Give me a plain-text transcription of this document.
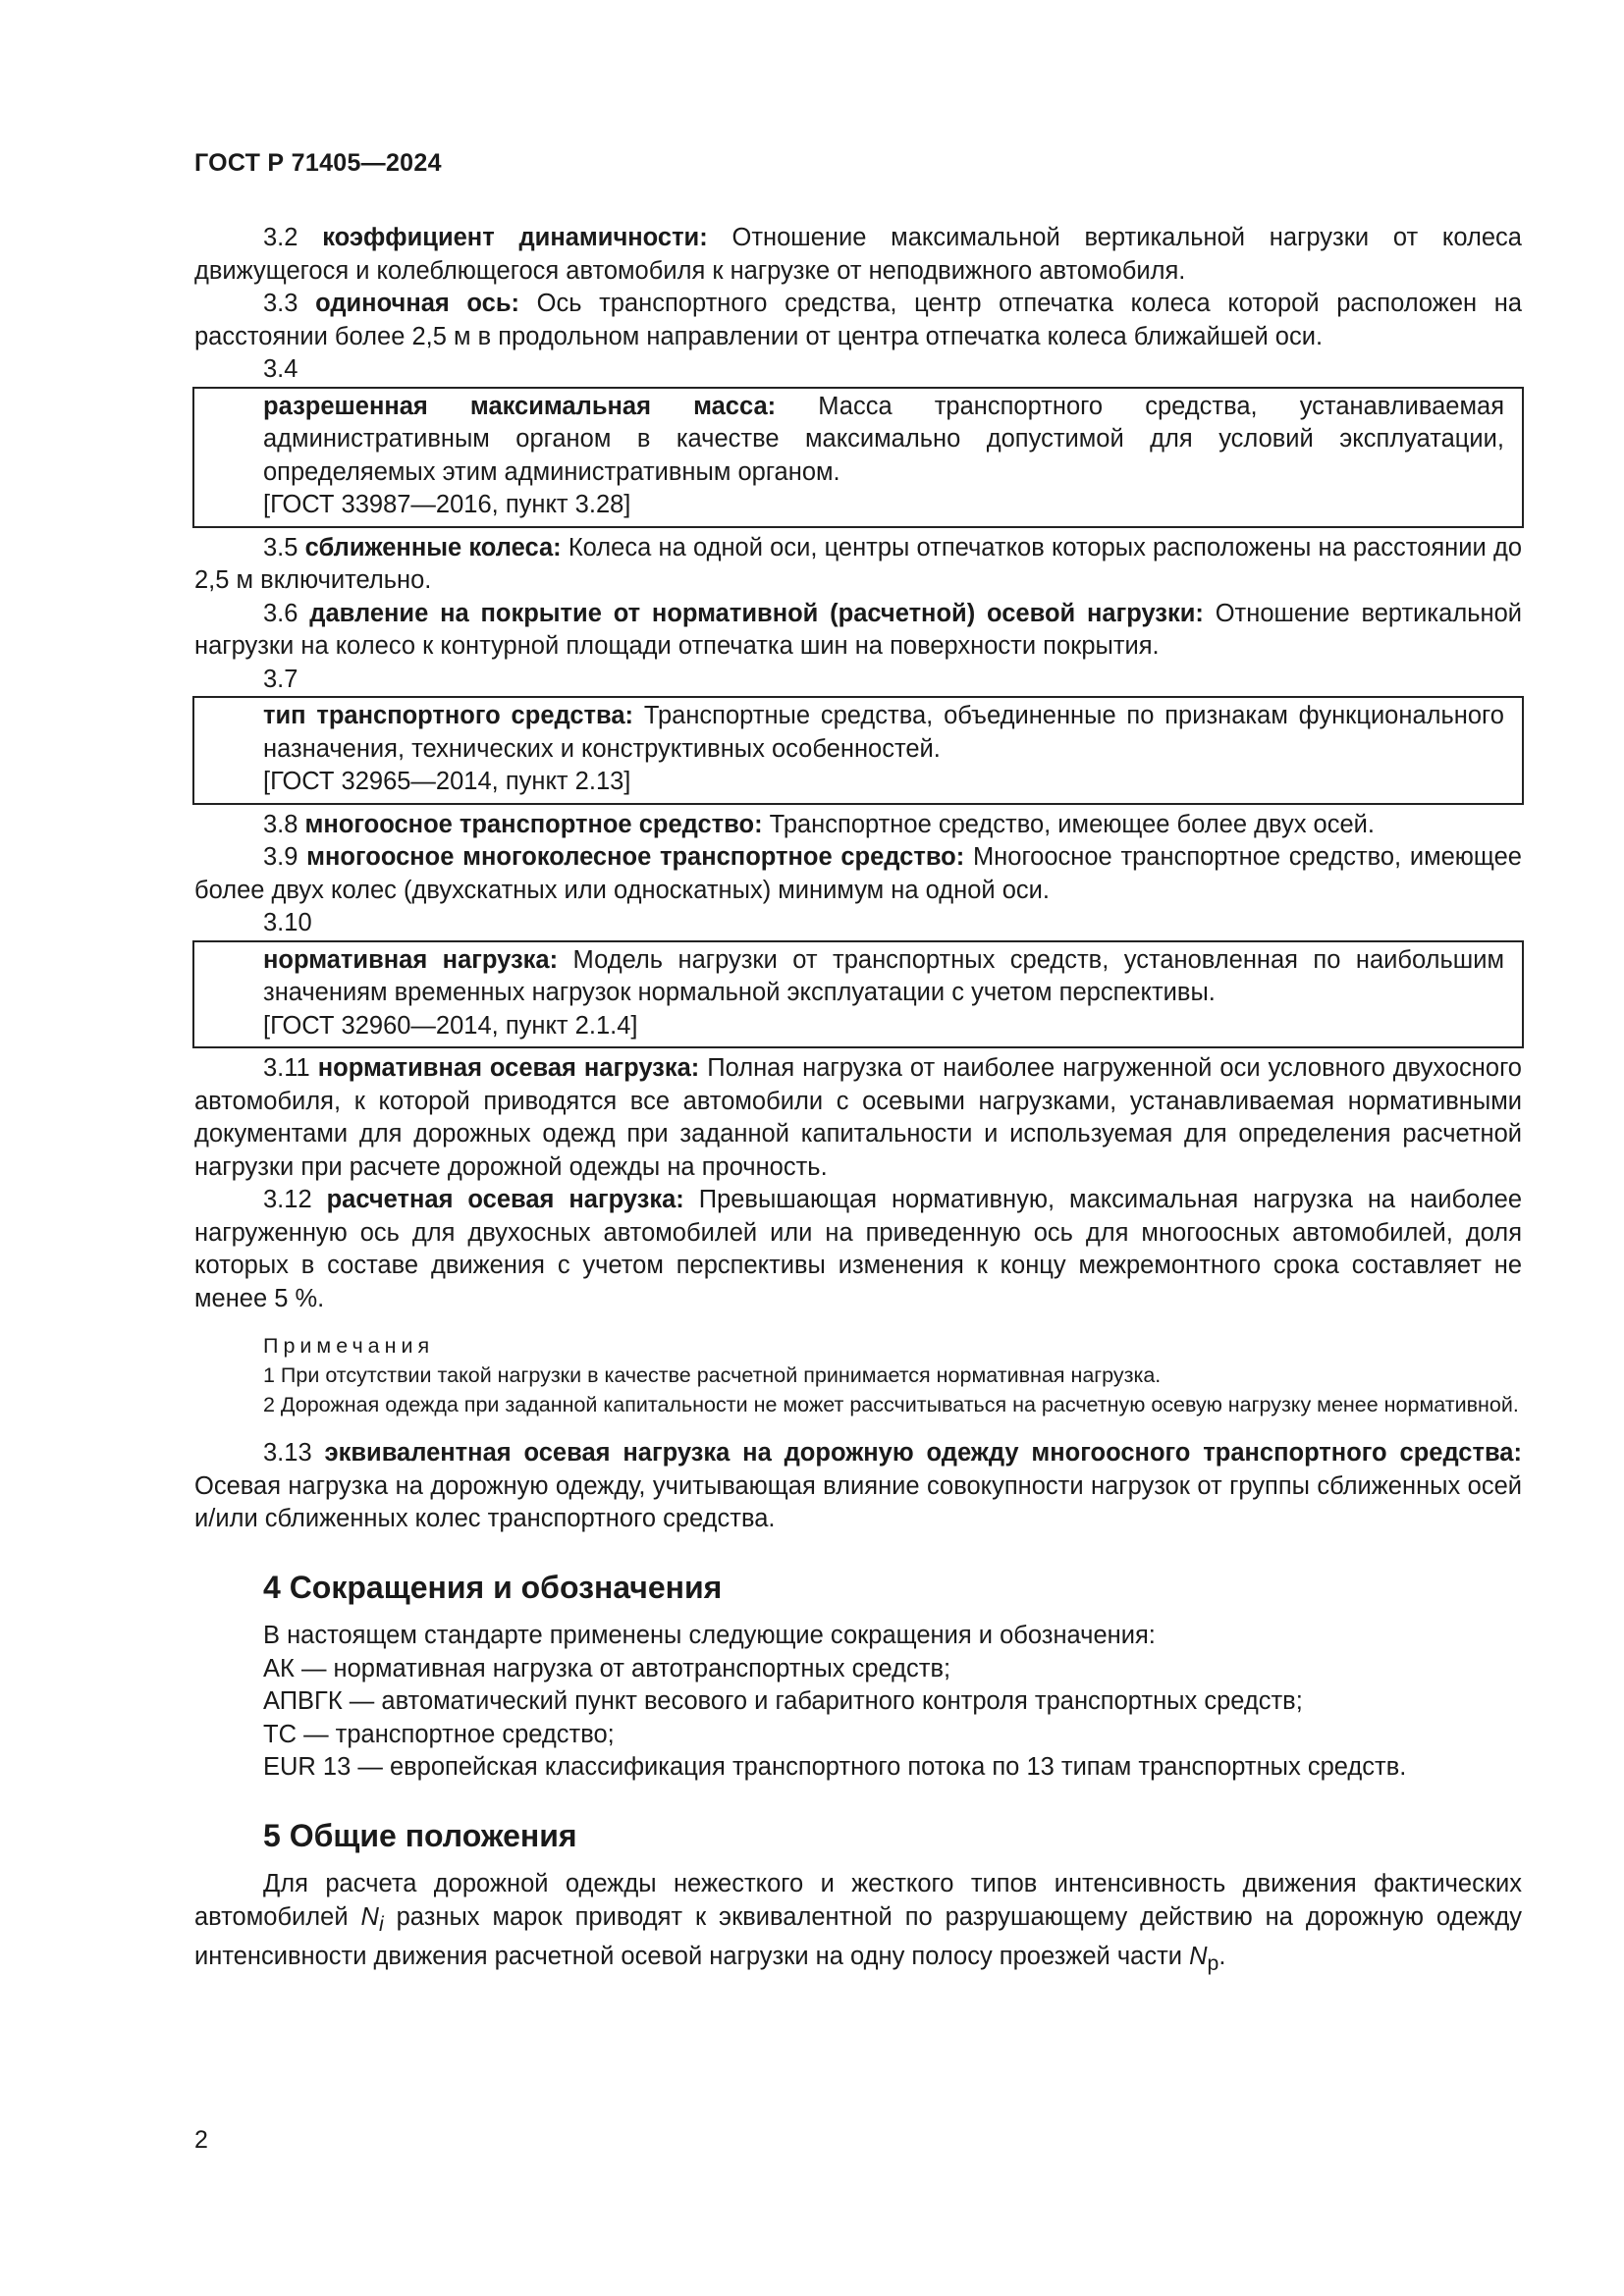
ГОСТ Р 71405—2024

3.2 коэффициент динамичности: Отношение максимальной вертикальной нагрузки от колеса движущегося и колеблющегося автомобиля к нагрузке от неподвижного автомобиля.

3.3 одиночная ось: Ось транспортного средства, центр отпечатка колеса которой расположен на расстоянии более 2,5 м в продольном направлении от центра отпечатка колеса ближайшей оси.

3.4

разрешенная максимальная масса: Масса транспортного средства, устанавливаемая административным органом в качестве максимально допустимой для условий эксплуатации, определяемых этим административным органом.

[ГОСТ 33987—2016, пункт 3.28]

3.5 сближенные колеса: Колеса на одной оси, центры отпечатков которых расположены на расстоянии до 2,5 м включительно.

3.6 давление на покрытие от нормативной (расчетной) осевой нагрузки: Отношение вертикальной нагрузки на колесо к контурной площади отпечатка шин на поверхности покрытия.

3.7

тип транспортного средства: Транспортные средства, объединенные по признакам функционального назначения, технических и конструктивных особенностей.

[ГОСТ 32965—2014, пункт 2.13]

3.8 многоосное транспортное средство: Транспортное средство, имеющее более двух осей.

3.9 многоосное многоколесное транспортное средство: Многоосное транспортное средство, имеющее более двух колес (двухскатных или односкатных) минимум на одной оси.

3.10

нормативная нагрузка: Модель нагрузки от транспортных средств, установленная по наибольшим значениям временных нагрузок нормальной эксплуатации с учетом перспективы.

[ГОСТ 32960—2014, пункт 2.1.4]

3.11 нормативная осевая нагрузка: Полная нагрузка от наиболее нагруженной оси условного двухосного автомобиля, к которой приводятся все автомобили с осевыми нагрузками, устанавливаемая нормативными документами для дорожных одежд при заданной капитальности и используемая для определения расчетной нагрузки при расчете дорожной одежды на прочность.

3.12 расчетная осевая нагрузка: Превышающая нормативную, максимальная нагрузка на наиболее нагруженную ось для двухосных автомобилей или на приведенную ось для многоосных автомобилей, доля которых в составе движения с учетом перспективы изменения к концу межремонтного срока составляет не менее 5 %.

Примечания

1 При отсутствии такой нагрузки в качестве расчетной принимается нормативная нагрузка.

2 Дорожная одежда при заданной капитальности не может рассчитываться на расчетную осевую нагрузку менее нормативной.

3.13 эквивалентная осевая нагрузка на дорожную одежду многоосного транспортного средства: Осевая нагрузка на дорожную одежду, учитывающая влияние совокупности нагрузок от группы сближенных осей и/или сближенных колес транспортного средства.

4 Сокращения и обозначения
В настоящем стандарте применены следующие сокращения и обозначения:
АК — нормативная нагрузка от автотранспортных средств;
АПВГК — автоматический пункт весового и габаритного контроля транспортных средств;
ТС — транспортное средство;
EUR 13 — европейская классификация транспортного потока по 13 типам транспортных средств.
5 Общие положения

Для расчета дорожной одежды нежесткого и жесткого типов интенсивность движения фактических автомобилей $N_i$ разных марок приводят к эквивалентной по разрушающему действию на дорожную одежду интенсивности движения расчетной осевой нагрузки на одну полосу проезжей части $N_р$.

2
